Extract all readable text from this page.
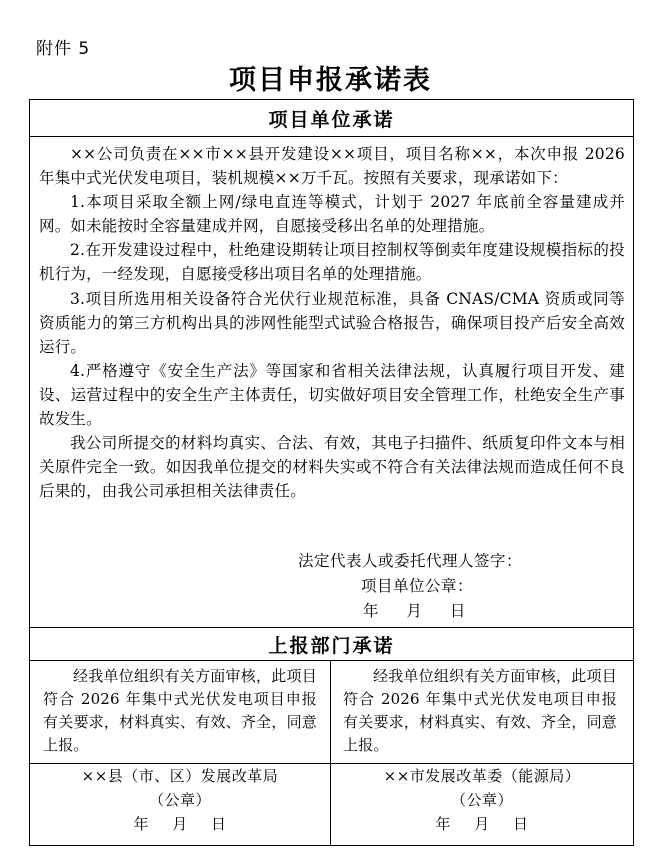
附件 5
项目申报承诺表
项目单位承诺

××公司负责在××市××县开发建设××项目，项目名称××，本次申报 2026 年集中式光伏发电项目，装机规模××万千瓦。按照有关要求，现承诺如下：

1.本项目采取全额上网/绿电直连等模式，计划于 2027 年底前全容量建成并网。如未能按时全容量建成并网，自愿接受移出名单的处理措施。

2.在开发建设过程中，杜绝建设期转让项目控制权等倒卖年度建设规模指标的投机行为，一经发现，自愿接受移出项目名单的处理措施。

3.项目所选用相关设备符合光伏行业规范标准，具备 CNAS/CMA 资质或同等资质能力的第三方机构出具的涉网性能型式试验合格报告，确保项目投产后安全高效运行。

4.严格遵守《安全生产法》等国家和省相关法律法规，认真履行项目开发、建设、运营过程中的安全生产主体责任，切实做好项目安全管理工作，杜绝安全生产事故发生。

我公司所提交的材料均真实、合法、有效，其电子扫描件、纸质复印件文本与相关原件完全一致。如因我单位提交的材料失实或不符合有关法律法规而造成任何不良后果的，由我公司承担相关法律责任。

法定代表人或委托代理人签字：
项目单位公章：
年 月 日
上报部门承诺
经我单位组织有关方面审核，此项目符合 2026 年集中式光伏发电项目申报有关要求，材料真实、有效、齐全，同意上报。
经我单位组织有关方面审核，此项目符合 2026 年集中式光伏发电项目申报有关要求，材料真实、有效、齐全，同意上报。
××县（市、区）发展改革局
（公章）
年 月 日
××市发展改革委（能源局）
（公章）
年 月 日
